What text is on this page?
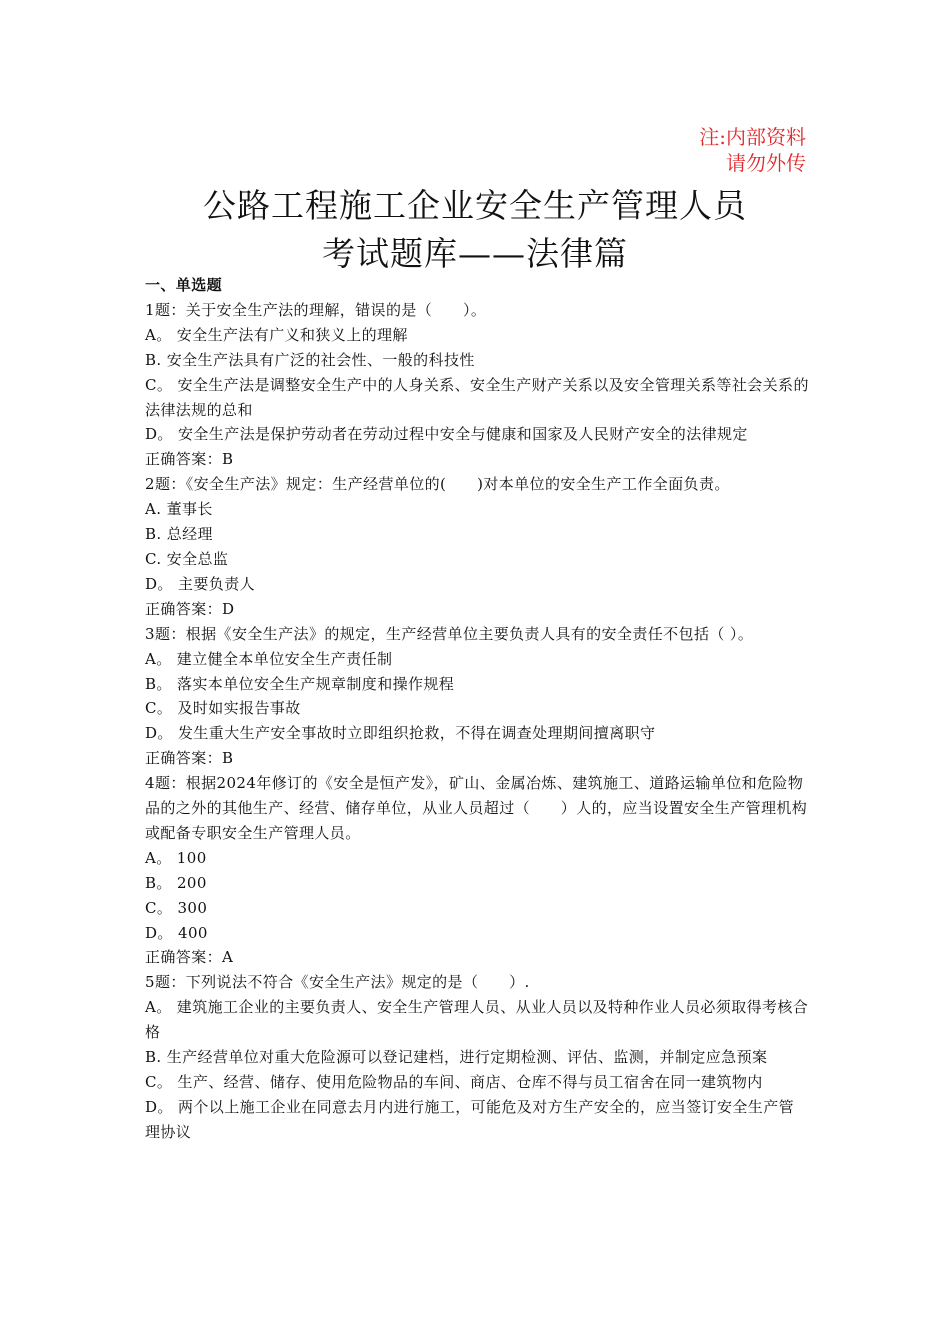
注:内部资料
请勿外传
公路工程施工企业安全生产管理人员
考试题库——法律篇

一、单选题

1题：关于安全生产法的理解，错误的是（　　）。

A。 安全生产法有广义和狭义上的理解

B. 安全生产法具有广泛的社会性、一般的科技性

C。 安全生产法是调整安全生产中的人身关系、安全生产财产关系以及安全管理关系等社会关系的法律法规的总和

D。 安全生产法是保护劳动者在劳动过程中安全与健康和国家及人民财产安全的法律规定

正确答案：B

2题：《安全生产法》规定：生产经营单位的(　　)对本单位的安全生产工作全面负责。

A. 董事长

B. 总经理

C. 安全总监

D。 主要负责人

正确答案：D

3题：根据《安全生产法》的规定，生产经营单位主要负责人具有的安全责任不包括（ ）。

A。 建立健全本单位安全生产责任制

B。 落实本单位安全生产规章制度和操作规程

C。 及时如实报告事故

D。 发生重大生产安全事故时立即组织抢救，不得在调查处理期间擅离职守

正确答案：B

4题：根据2024年修订的《安全是恒产发》，矿山、金属冶炼、建筑施工、道路运输单位和危险物品的之外的其他生产、经营、储存单位，从业人员超过（　　）人的，应当设置安全生产管理机构或配备专职安全生产管理人员。

A。 100

B。 200

C。 300

D。 400

正确答案：A

5题：下列说法不符合《安全生产法》规定的是（　　）.

A。 建筑施工企业的主要负责人、安全生产管理人员、从业人员以及特种作业人员必须取得考核合格

B. 生产经营单位对重大危险源可以登记建档，进行定期检测、评估、监测，并制定应急预案

C。 生产、经营、储存、使用危险物品的车间、商店、仓库不得与员工宿舍在同一建筑物内

D。 两个以上施工企业在同意去月内进行施工，可能危及对方生产安全的，应当签订安全生产管理协议
